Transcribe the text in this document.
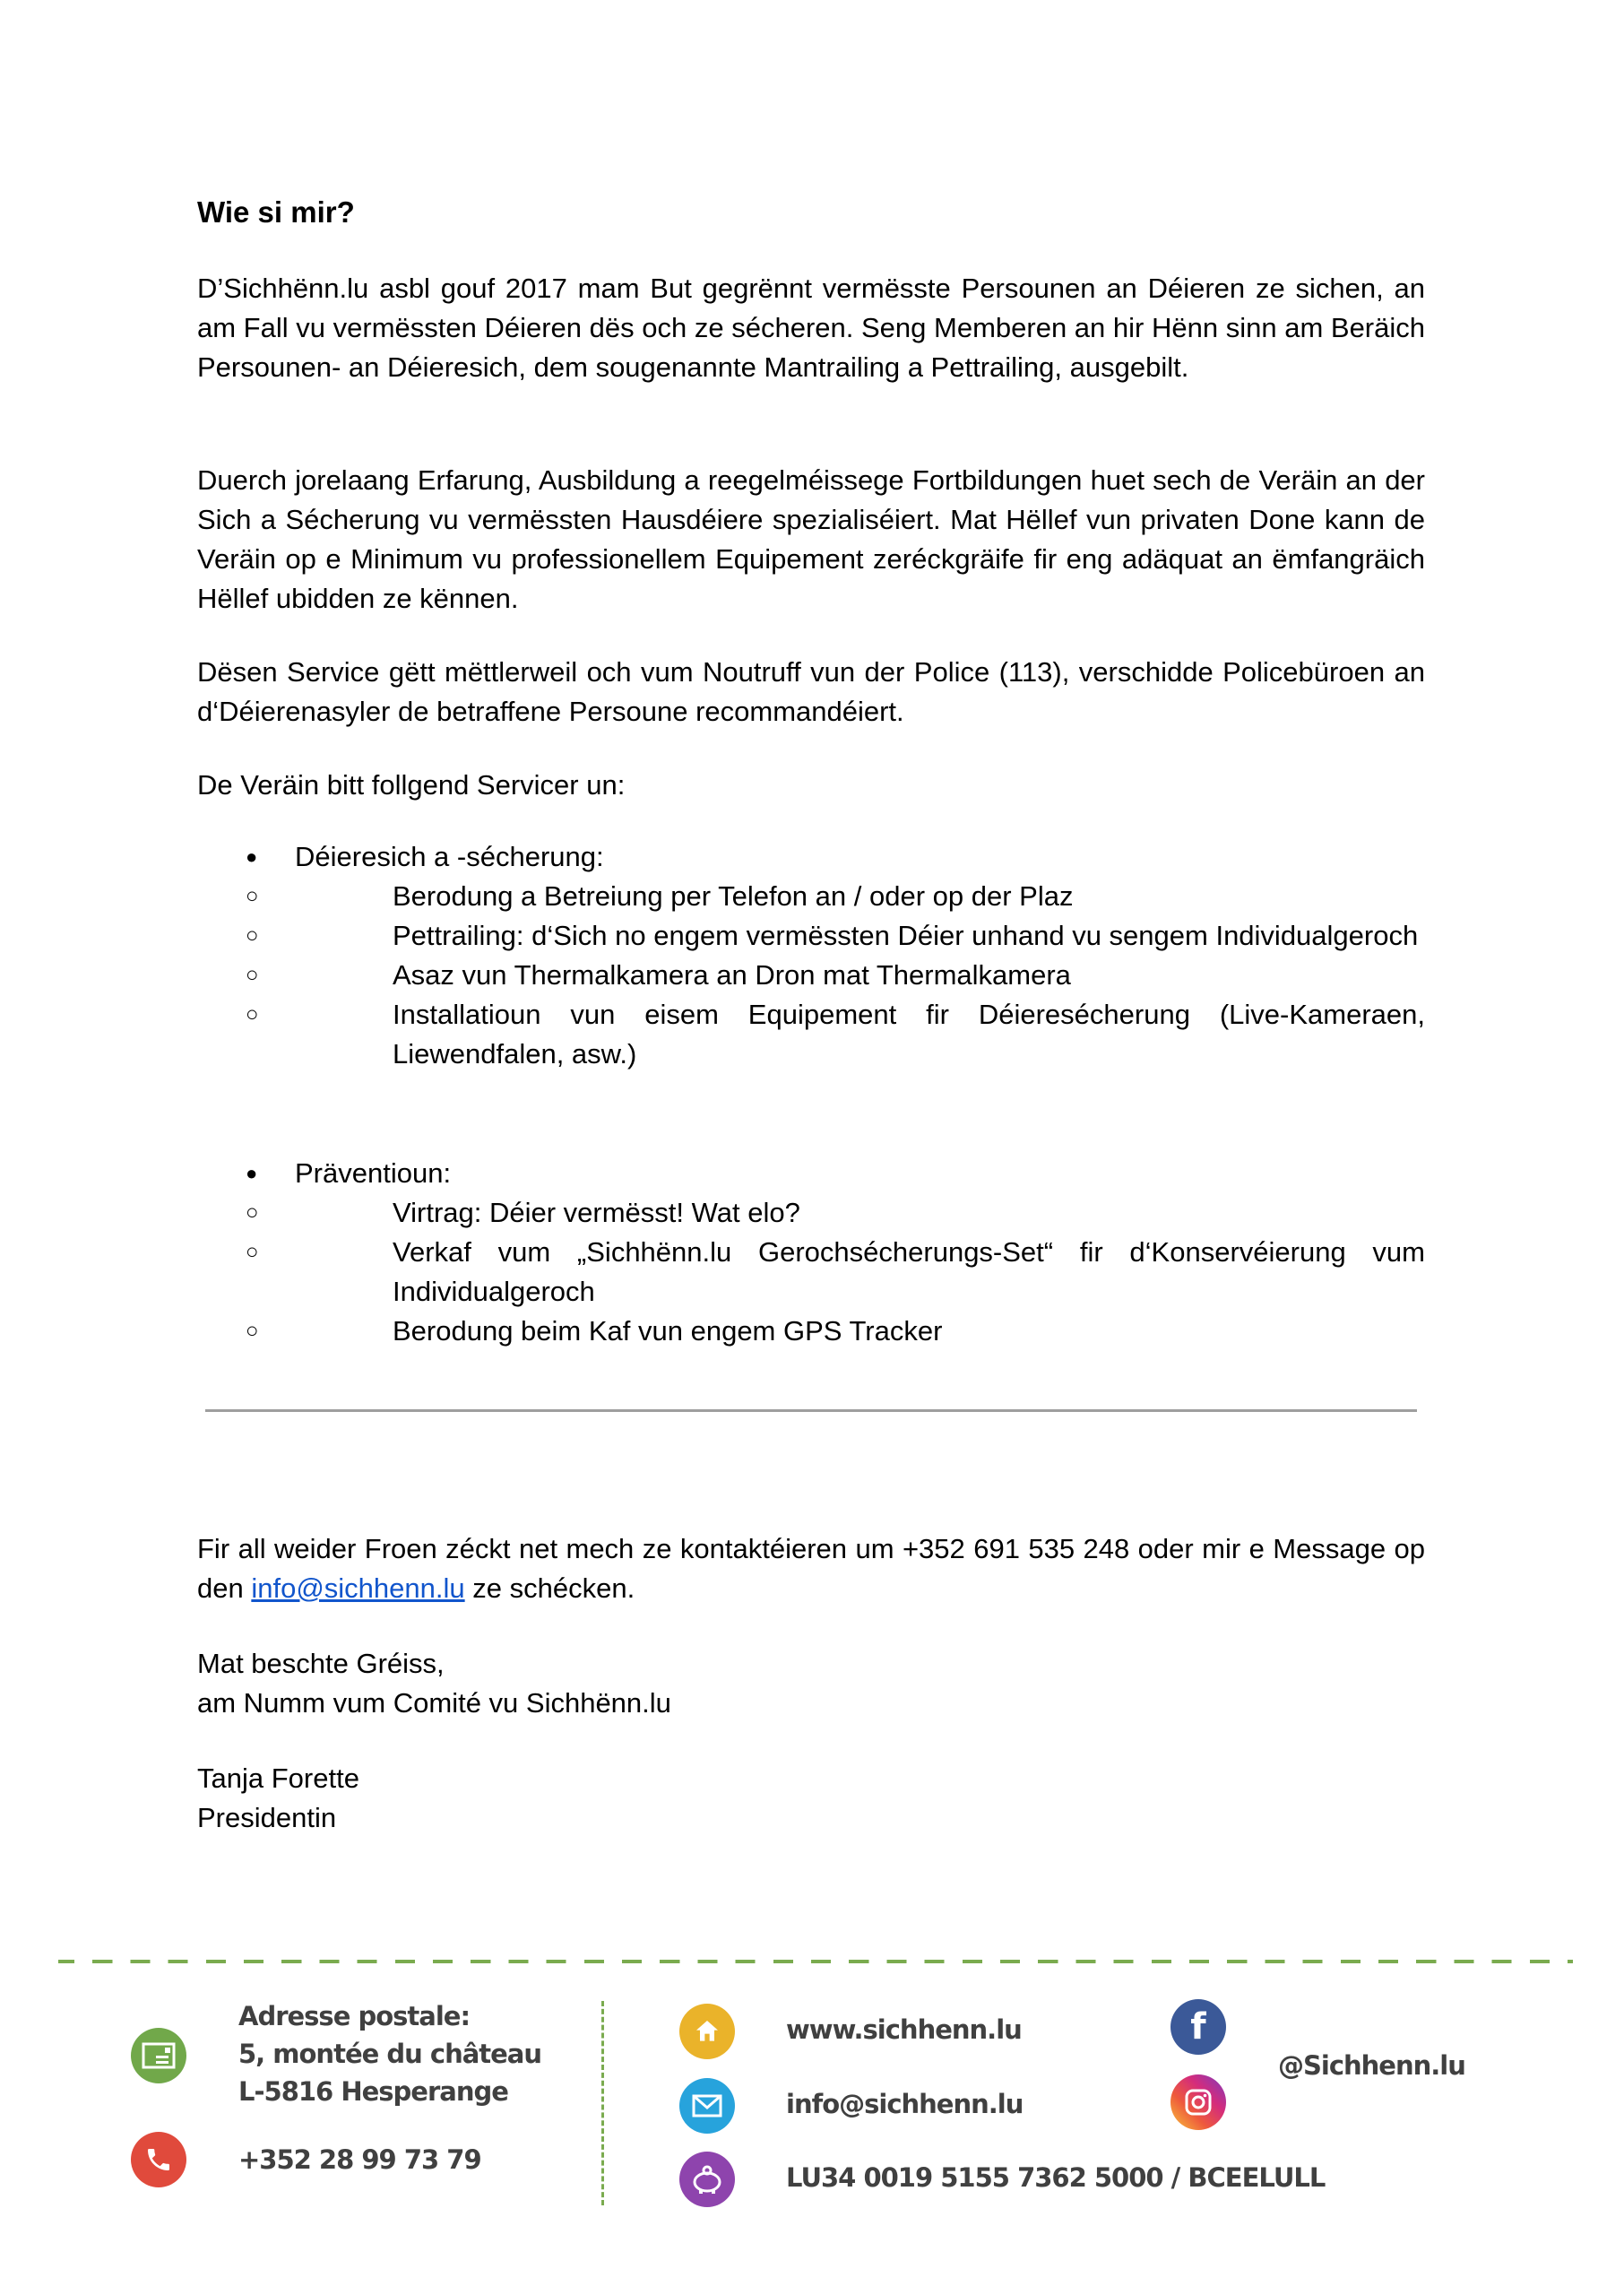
Wie si mir?

D’Sichhënn.lu asbl gouf 2017 mam But gegrënnt vermësste Persounen an Déieren ze sichen, an am Fall vu vermëssten Déieren dës och ze sécheren. Seng Memberen an hir Hënn sinn am Beräich Persounen- an Déieresich, dem sougenannte Mantrailing a Pettrailing, ausgebilt.

Duerch jorelaang Erfarung, Ausbildung a reegelméissege Fortbildungen huet sech de Veräin an der Sich a Sécherung vu vermëssten Hausdéiere spezialiséiert. Mat Hëllef vun privaten Done kann de Veräin op e Minimum vu professionellem Equipement zeréckgräife fir eng adäquat an ëmfangräich Hëllef ubidden ze kënnen.

Dësen Service gëtt mëttlerweil och vum Noutruff vun der Police (113), verschidde Policebüroen an d‘Déierenasyler de betraffene Persoune recommandéiert.

De Veräin bitt follgend Servicer un:

● Déieresich a -sécherung:
○	Berodung a Betreiung per Telefon an / oder op der Plaz
○	Pettrailing: d‘Sich no engem vermëssten Déier unhand vu sengem Individualgeroch
○	Asaz vun Thermalkamera an Dron mat Thermalkamera
○	Installatioun vun eisem Equipement fir Déieresécherung (Live-Kameraen, Liewendfalen, asw.)
● Präventioun:
○	Virtrag: Déier vermësst! Wat elo?
○	Verkaf vum „Sichhënn.lu Gerochsécherungs-Set“ fir d‘Konservéierung vum Individualgeroch
○	Berodung beim Kaf vun engem GPS Tracker

Fir all weider Froen zéckt net mech ze kontaktéieren um +352 691 535 248 oder mir e Message op den info@sichhenn.lu ze schécken.

Mat beschte Gréiss,
am Numm vum Comité vu Sichhënn.lu

Tanja Forette
Presidentin

Adresse postale:
5, montée du château
L-5816 Hesperange
+352 28 99 73 79
www.sichhenn.lu
info@sichhenn.lu
LU34 0019 5155 7362 5000 / BCEELULL
f
@Sichhenn.lu
